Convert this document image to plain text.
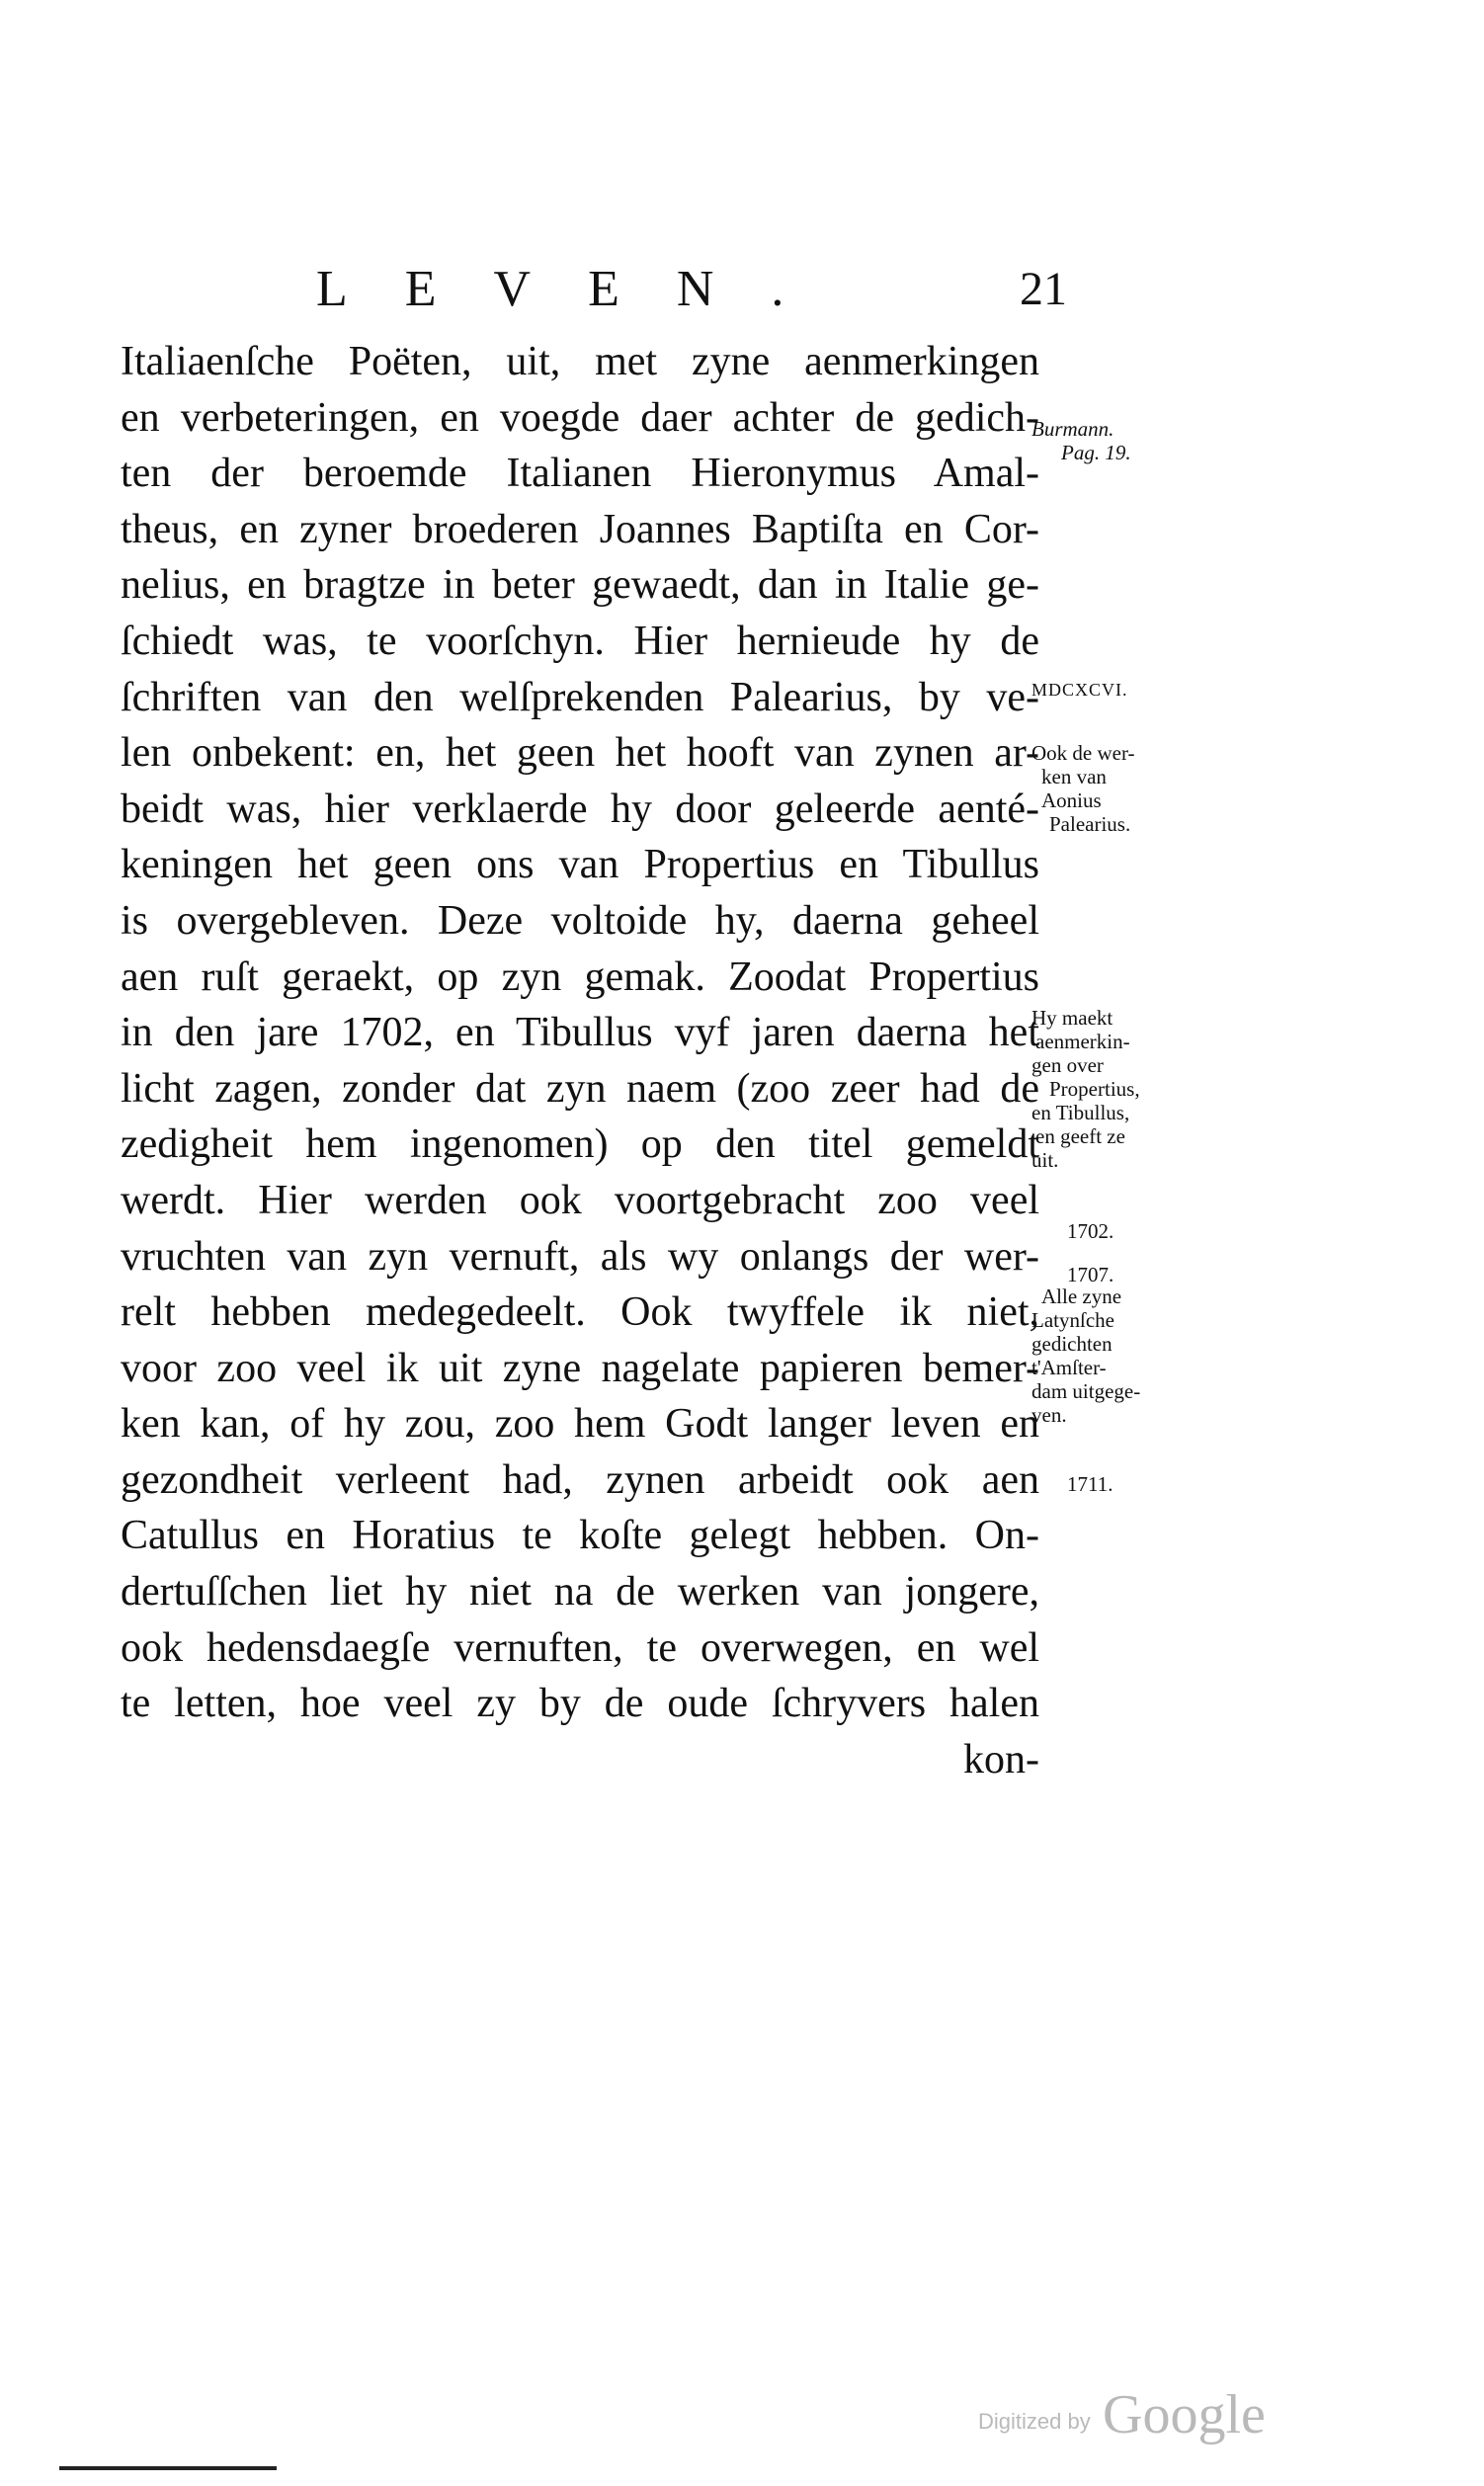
LEVEN.	21
Italiaenſche Poëten, uit, met zyne aenmerkingen
en verbeteringen, en voegde daer achter de gedich-
ten der beroemde Italianen Hieronymus Amal-
theus, en zyner broederen Joannes Baptiſta en Cor-
nelius, en bragtze in beter gewaedt, dan in Italie ge-
ſchiedt was, te voorſchyn. Hier hernieude hy de
ſchriften van den welſprekenden Palearius, by ve-
len onbekent: en, het geen het hooft van zynen ar-
beidt was, hier verklaerde hy door geleerde aenté-
keningen het geen ons van Propertius en Tibullus
is overgebleven. Deze voltoide hy, daerna geheel
aen ruſt geraekt, op zyn gemak. Zoodat Propertius
in den jare 1702, en Tibullus vyf jaren daerna het
licht zagen, zonder dat zyn naem (zoo zeer had de
zedigheit hem ingenomen) op den titel gemeldt
werdt. Hier werden ook voortgebracht zoo veel
vruchten van zyn vernuft, als wy onlangs der wer-
relt hebben medegedeelt. Ook twyffele ik niet,
voor zoo veel ik uit zyne nagelate papieren bemer-
ken kan, of hy zou, zoo hem Godt langer leven en
gezondheit verleent had, zynen arbeidt ook aen
Catullus en Horatius te koſte gelegt hebben. On-
dertuſſchen liet hy niet na de werken van jongere,
ook hedensdaegſe vernuften, te overwegen, en wel
te letten, hoe veel zy by de oude ſchryvers halen
kon-
Burmann.
Pag. 19.
MDCXCVI.
Ook de wer-
ken van
Aonius
Palearius.
Hy maekt
aenmerkin-
gen over
Propertius,
en Tibullus,
en geeft ze
uit.
1702.
1707.
Alle zyne
Latynſche
gedichten
t'Amſter-
dam uitgege-
ven.
1711.
Digitized by Google
